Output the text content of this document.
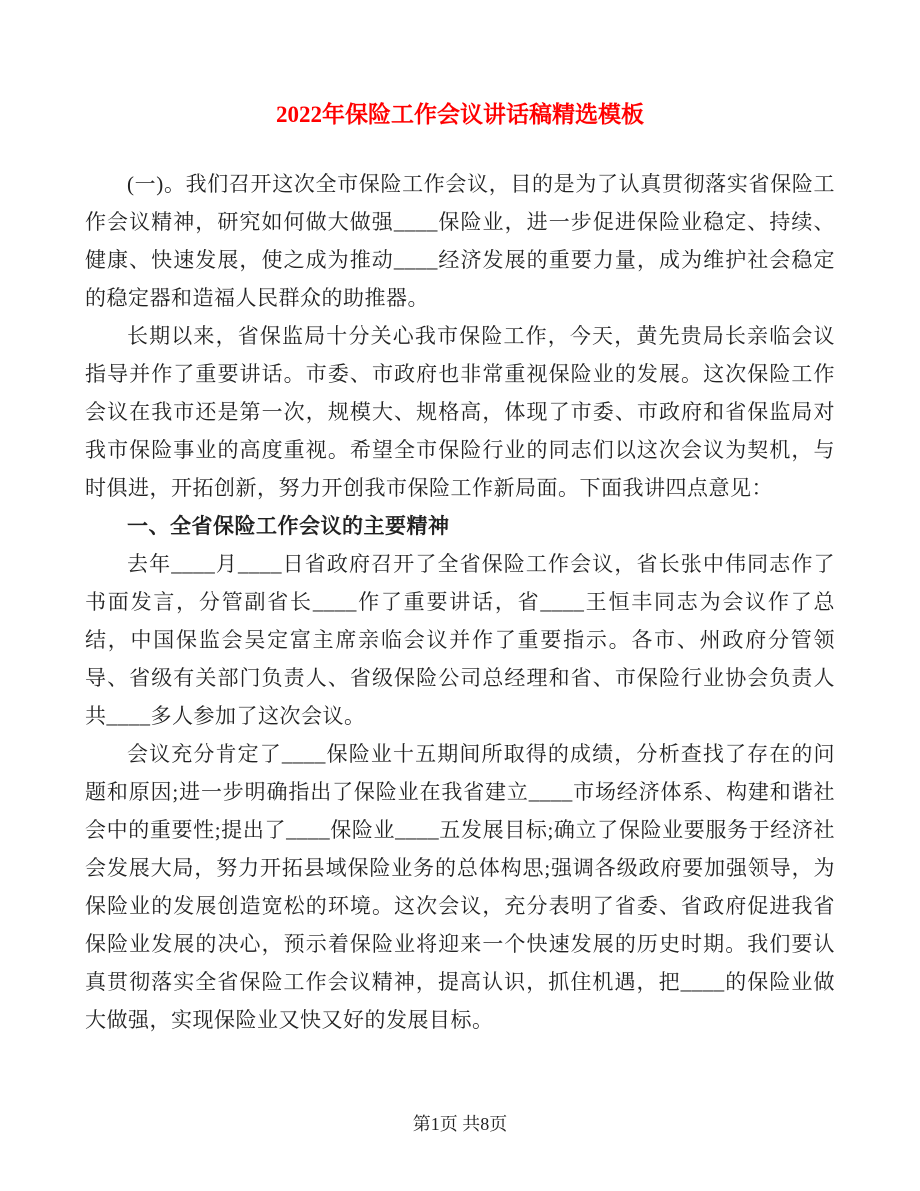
2022年保险工作会议讲话稿精选模板

(一)。我们召开这次全市保险工作会议，目的是为了认真贯彻落实省保险工作会议精神，研究如何做大做强____保险业，进一步促进保险业稳定、持续、健康、快速发展，使之成为推动____经济发展的重要力量，成为维护社会稳定的稳定器和造福人民群众的助推器。

长期以来，省保监局十分关心我市保险工作，今天，黄先贵局长亲临会议指导并作了重要讲话。市委、市政府也非常重视保险业的发展。这次保险工作会议在我市还是第一次，规模大、规格高，体现了市委、市政府和省保监局对我市保险事业的高度重视。希望全市保险行业的同志们以这次会议为契机，与时俱进，开拓创新，努力开创我市保险工作新局面。下面我讲四点意见：

一、全省保险工作会议的主要精神

去年____月____日省政府召开了全省保险工作会议，省长张中伟同志作了书面发言，分管副省长____作了重要讲话，省____王恒丰同志为会议作了总结，中国保监会吴定富主席亲临会议并作了重要指示。各市、州政府分管领导、省级有关部门负责人、省级保险公司总经理和省、市保险行业协会负责人共____多人参加了这次会议。

会议充分肯定了____保险业十五期间所取得的成绩，分析查找了存在的问题和原因;进一步明确指出了保险业在我省建立____市场经济体系、构建和谐社会中的重要性;提出了____保险业____五发展目标;确立了保险业要服务于经济社会发展大局，努力开拓县域保险业务的总体构思;强调各级政府要加强领导，为保险业的发展创造宽松的环境。这次会议，充分表明了省委、省政府促进我省保险业发展的决心，预示着保险业将迎来一个快速发展的历史时期。我们要认真贯彻落实全省保险工作会议精神，提高认识，抓住机遇，把____的保险业做大做强，实现保险业又快又好的发展目标。

第1页 共8页
